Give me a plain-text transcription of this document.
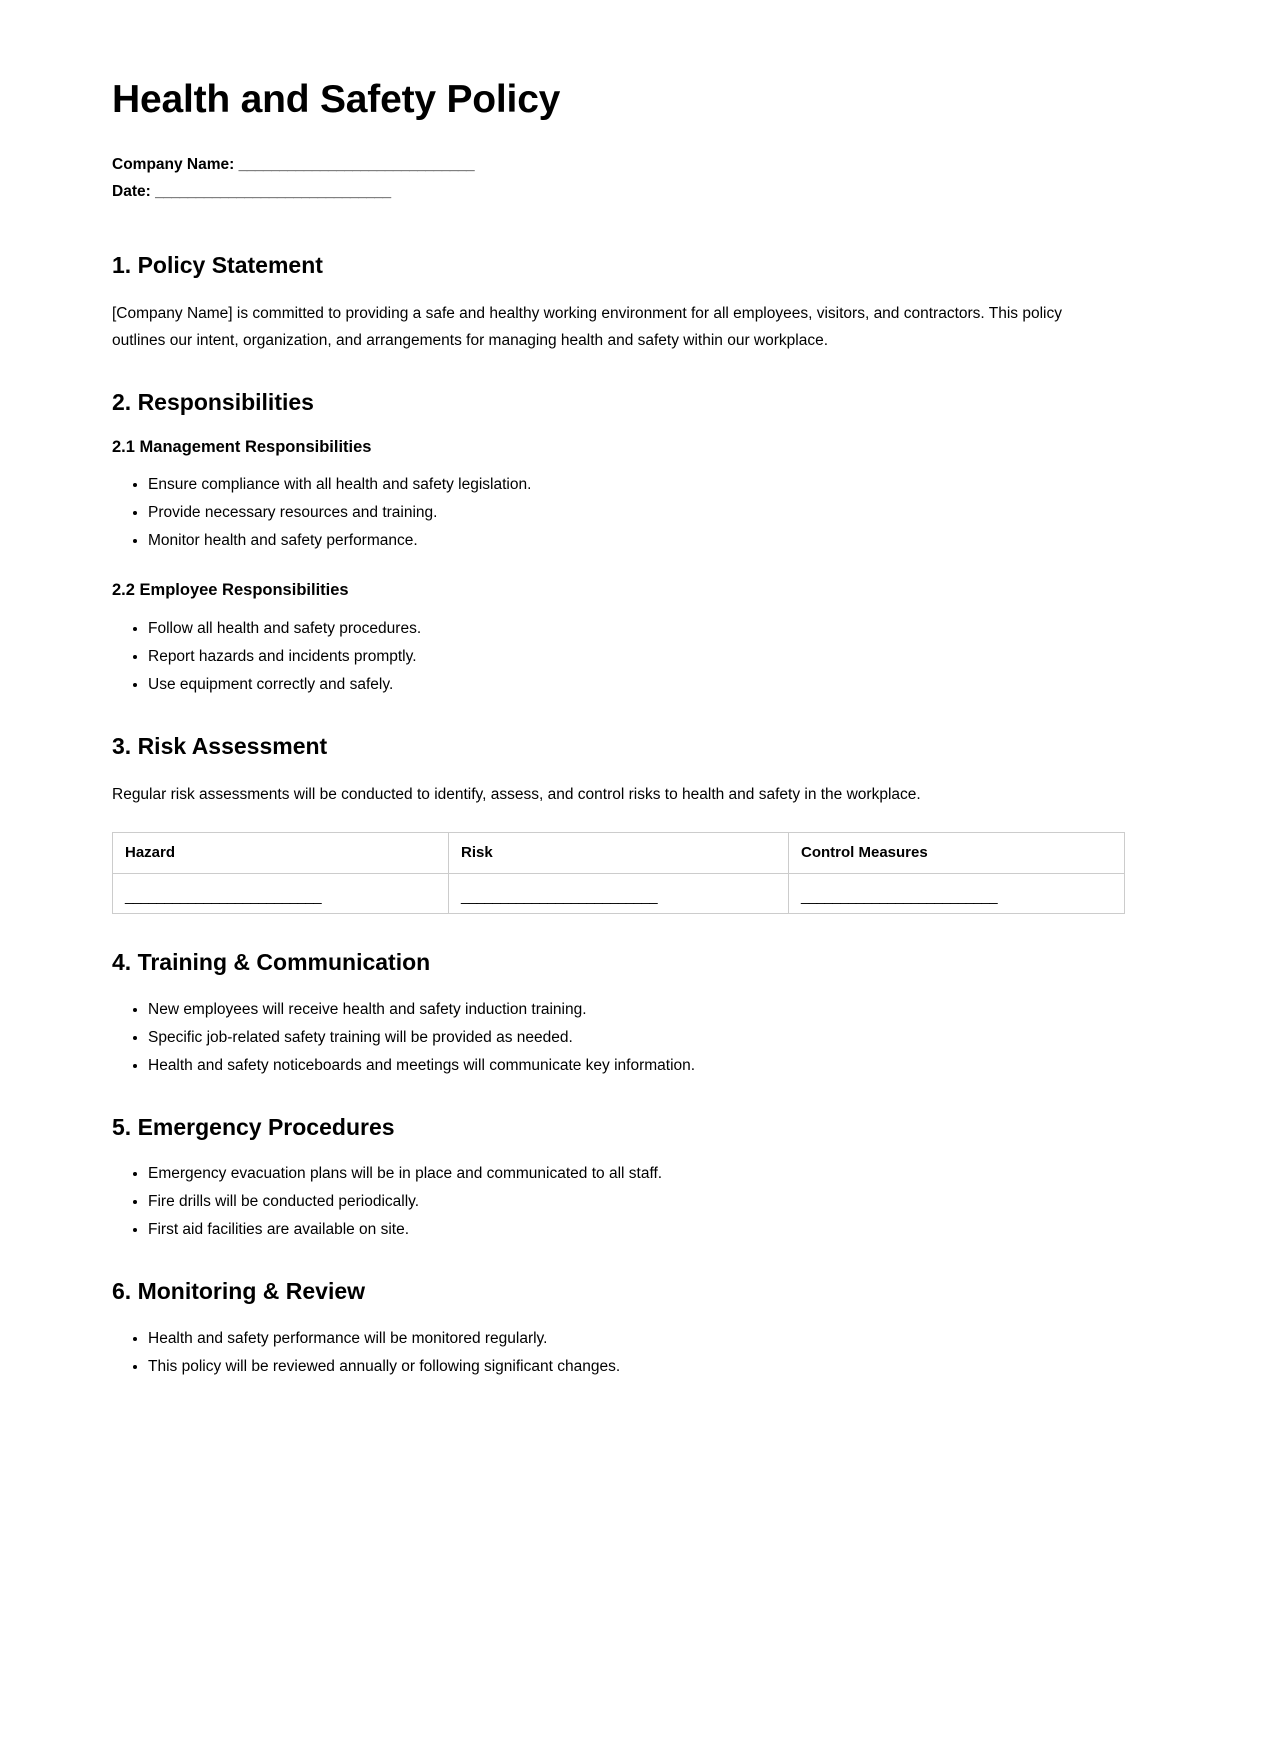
Health and Safety Policy
Company Name: _____________________________
Date: _____________________________
1. Policy Statement

[Company Name] is committed to providing a safe and healthy working environment for all employees, visitors, and contractors. This policy outlines our intent, organization, and arrangements for managing health and safety within our workplace.

2. Responsibilities
2.1 Management Responsibilities
• Ensure compliance with all health and safety legislation.
• Provide necessary resources and training.
• Monitor health and safety performance.
2.2 Employee Responsibilities
• Follow all health and safety procedures.
• Report hazards and incidents promptly.
• Use equipment correctly and safely.
3. Risk Assessment

Regular risk assessments will be conducted to identify, assess, and control risks to health and safety in the workplace.

Hazard	Risk	Control Measures
_________________________	_________________________	_________________________
4. Training & Communication
• New employees will receive health and safety induction training.
• Specific job-related safety training will be provided as needed.
• Health and safety noticeboards and meetings will communicate key information.
5. Emergency Procedures
• Emergency evacuation plans will be in place and communicated to all staff.
• Fire drills will be conducted periodically.
• First aid facilities are available on site.
6. Monitoring & Review
• Health and safety performance will be monitored regularly.
• This policy will be reviewed annually or following significant changes.
